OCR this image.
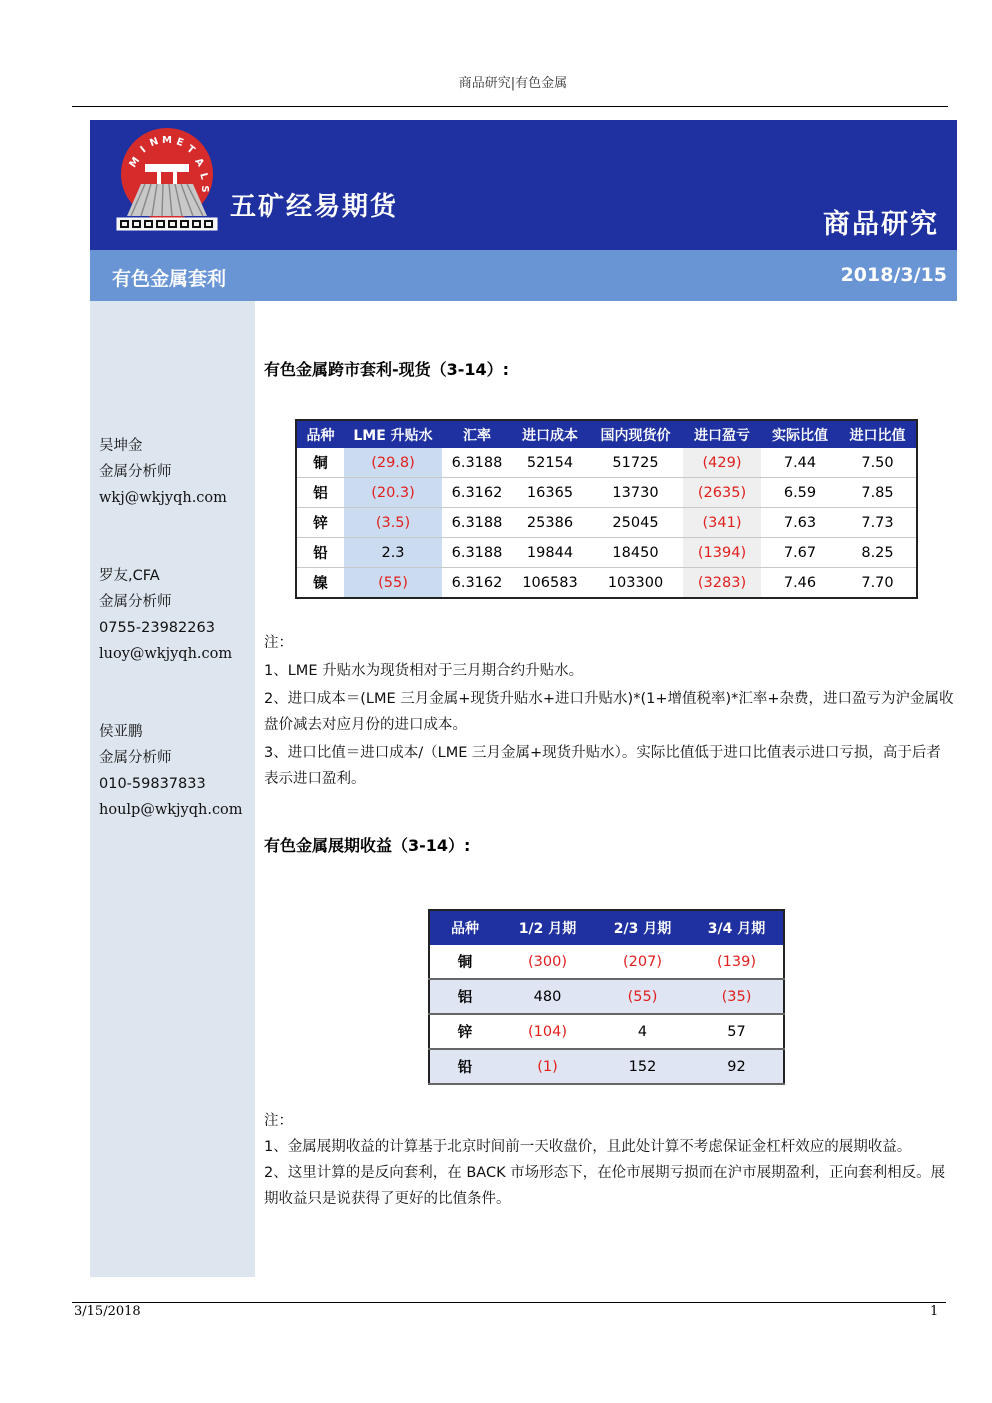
商品研究|有色金属
M
I
N M E
T
A
L
S
五矿经易期货
商品研究
有色金属套利	2018/3/15
吴坤金
金属分析师
wkj@wkjyqh.com
罗友,CFA
金属分析师
0755-23982263
luoy@wkjyqh.com
侯亚鹏
金属分析师
010-59837833
houlp@wkjyqh.com
有色金属跨市套利-现货（3-14）:
品种	LME 升贴水	汇率	进口成本	国内现货价	进口盈亏	实际比值	进口比值
铜	(29.8)	6.3188	52154	51725	(429)	7.44	7.50
铝	(20.3)	6.3162	16365	13730	(2635)	6.59	7.85
锌	(3.5)	6.3188	25386	25045	(341)	7.63	7.73
铅	2.3	6.3188	19844	18450	(1394)	7.67	8.25
镍	(55)	6.3162	106583	103300	(3283)	7.46	7.70

注：

1、LME 升贴水为现货相对于三月期合约升贴水。

2、进口成本＝(LME 三月金属+现货升贴水+进口升贴水)*(1+增值税率)*汇率+杂费，进口盈亏为沪金属收盘价减去对应月份的进口成本。

3、进口比值＝进口成本/（LME 三月金属+现货升贴水）。实际比值低于进口比值表示进口亏损，高于后者表示进口盈利。

有色金属展期收益（3-14）:
品种	1/2 月期	2/3 月期	3/4 月期
铜	(300)	(207)	(139)
铝	480	(55)	(35)
锌	(104)	4	57
铅	(1)	152	92

注：

1、金属展期收益的计算基于北京时间前一天收盘价，且此处计算不考虑保证金杠杆效应的展期收益。

2、这里计算的是反向套利，在 BACK 市场形态下，在伦市展期亏损而在沪市展期盈利，正向套利相反。展期收益只是说获得了更好的比值条件。

3/15/2018	1
